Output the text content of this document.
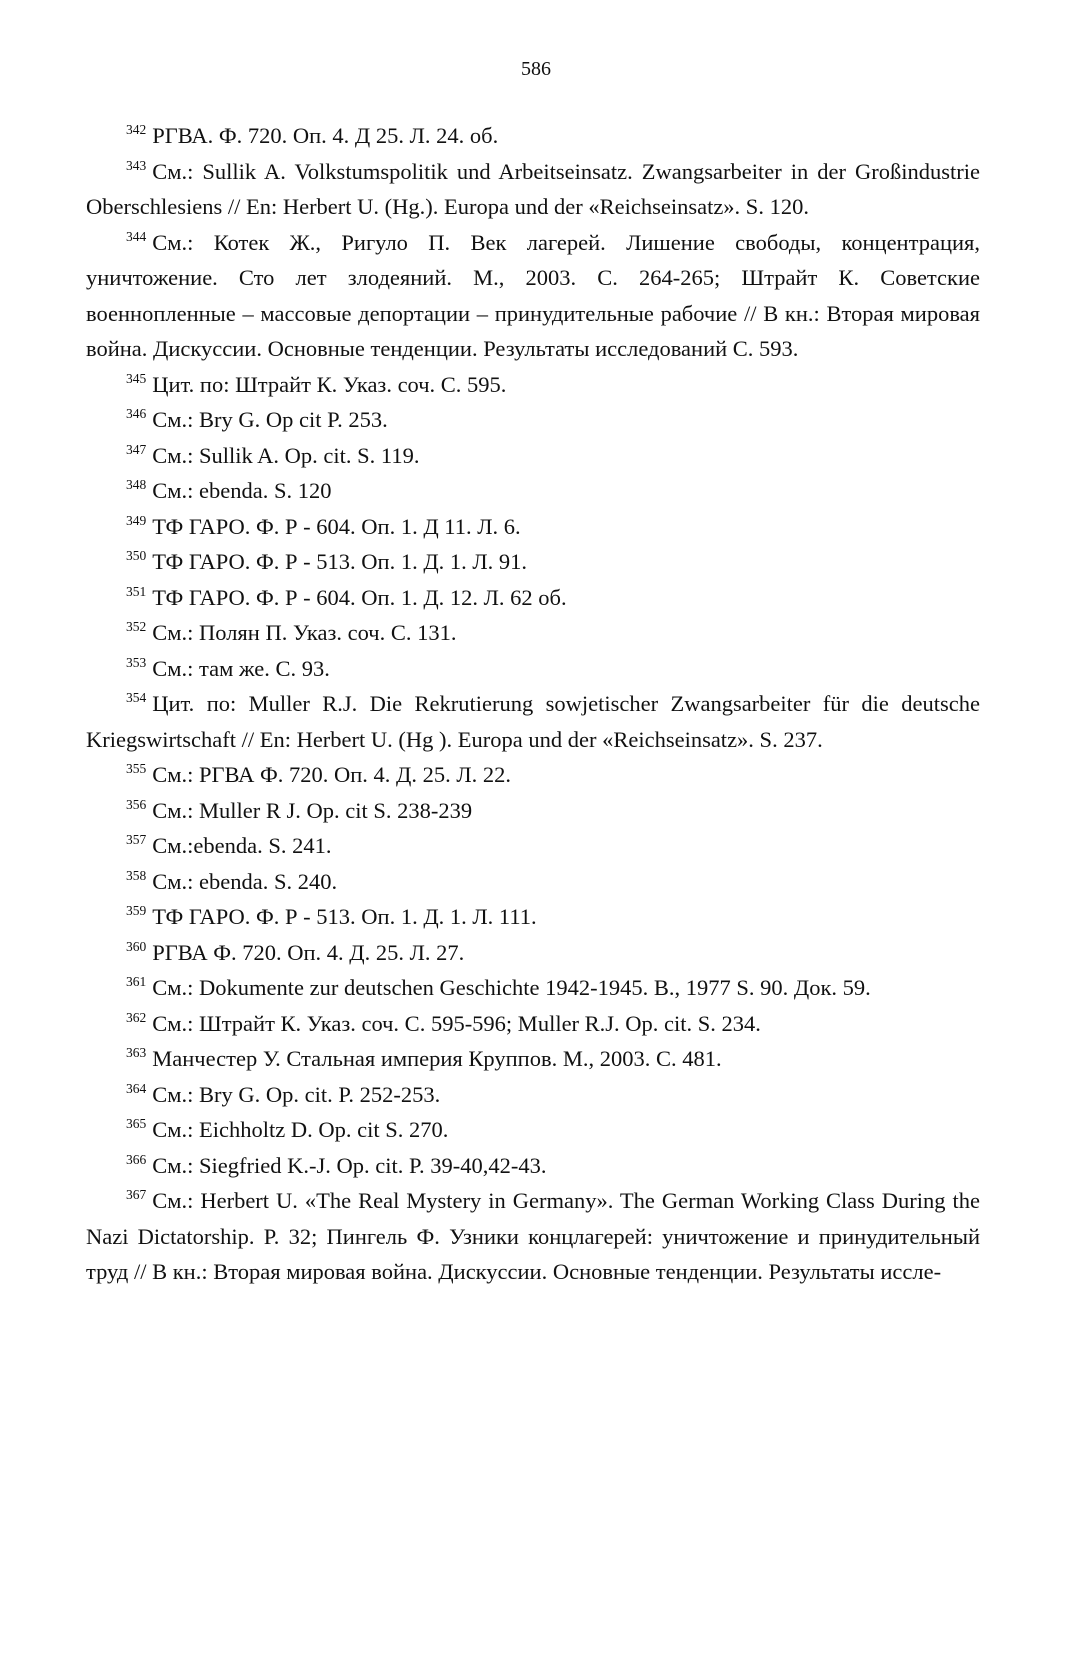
586
$^{342}$ РГВА. Ф. 720. Оп. 4. Д 25. Л. 24. об.
$^{343}$ См.: Sullik A. Volkstumspolitik und Arbeitseinsatz. Zwangsarbeiter in der Großindustrie Oberschlesiens // En: Herbert U. (Hg.). Europa und der «Reichseinsatz». S. 120.
$^{344}$ См.: Котек Ж., Ригуло П. Век лагерей. Лишение свободы, концентрация, уничтожение. Сто лет злодеяний. М., 2003. С. 264-265; Штрайт К. Советские военнопленные – массовые депортации – принудительные рабочие // В кн.: Вторая мировая война. Дискуссии. Основные тенденции. Результаты исследований С. 593.
$^{345}$ Цит. по: Штрайт К. Указ. соч. С. 595.
$^{346}$ См.: Bry G. Op cit P. 253.
$^{347}$ См.: Sullik A. Op. cit. S. 119.
$^{348}$ См.: ebenda. S. 120
$^{349}$ ТФ ГАРО. Ф. Р - 604. Оп. 1. Д 11. Л. 6.
$^{350}$ ТФ ГАРО. Ф. Р - 513. Оп. 1. Д. 1. Л. 91.
$^{351}$ ТФ ГАРО. Ф. Р - 604. Оп. 1. Д. 12. Л. 62 об.
$^{352}$ См.: Полян П. Указ. соч. С. 131.
$^{353}$ См.: там же. С. 93.
$^{354}$ Цит. по: Muller R.J. Die Rekrutierung sowjetischer Zwangsarbeiter für die deutsche Kriegswirtschaft // En: Herbert U. (Hg ). Europa und der «Reichseinsatz». S. 237.
$^{355}$ См.: РГВА Ф. 720. Оп. 4. Д. 25. Л. 22.
$^{356}$ См.: Muller R J. Op. cit S. 238-239
$^{357}$ См.:ebenda. S. 241.
$^{358}$ См.: ebenda. S. 240.
$^{359}$ ТФ ГАРО. Ф. Р - 513. Оп. 1. Д. 1. Л. 111.
$^{360}$ РГВА Ф. 720. Оп. 4. Д. 25. Л. 27.
$^{361}$ См.: Dokumente zur deutschen Geschichte 1942-1945. B., 1977 S. 90. Док. 59.
$^{362}$ См.: Штрайт К. Указ. соч. С. 595-596; Muller R.J. Op. cit. S. 234.
$^{363}$ Манчестер У. Стальная империя Круппов. М., 2003. С. 481.
$^{364}$ См.: Bry G. Op. cit. P. 252-253.
$^{365}$ См.: Eichholtz D. Op. cit S. 270.
$^{366}$ См.: Siegfried K.-J. Op. cit. P. 39-40,42-43.
$^{367}$ См.: Herbert U. «The Real Mystery in Germany». The German Working Class During the Nazi Dictatorship. P. 32; Пингель Ф. Узники концлагерей: уничтожение и принудительный труд // В кн.: Вторая мировая война. Дискуссии. Основные тенденции. Результаты иссле-
